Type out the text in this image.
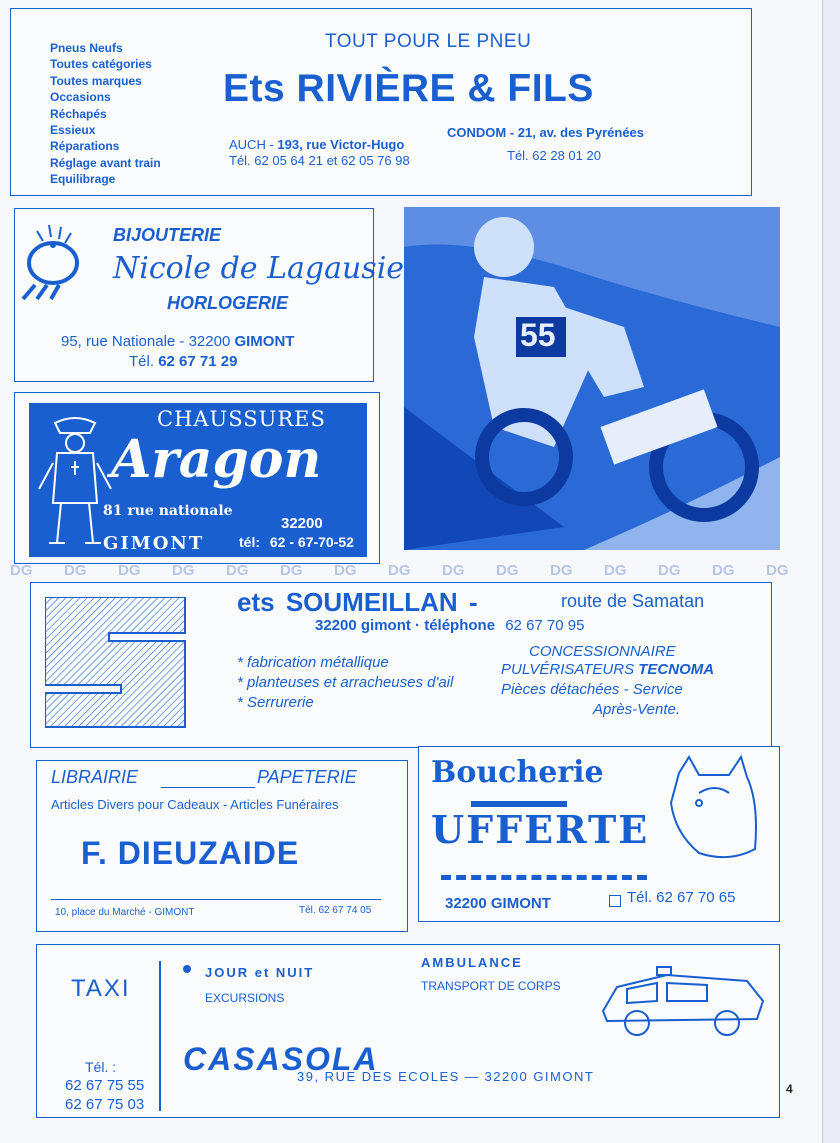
Pneus Neufs
Toutes catégories
Toutes marques
Occasions
Réchapés
Essieux
Réparations
Réglage avant train
Equilibrage
TOUT POUR LE PNEU
Ets RIVIÈRE & FILS
AUCH - 193, rue Victor-Hugo
Tél. 62 05 64 21 et 62 05 76 98
CONDOM - 21, av. des Pyrénées
Tél. 62 28 01 20
BIJOUTERIE
Nicole de Lagausie
HORLOGERIE
95, rue Nationale - 32200 GIMONT
Tél. 62 67 71 29
CHAUSSURES
Aragon
81 rue nationale
32200
GIMONT tél: 62 - 67-70-52
55
DG DG DG DG DG DG DG DG DG DG DG DG DG DG DG
ets SOUMEILLAN -	route de Samatan
32200 gimont · téléphone 62 67 70 95
* fabrication métallique
* planteuses et arracheuses d'ail
* Serrurerie
CONCESSIONNAIRE
PULVÉRISATEURS TECNOMA
Pièces détachées - Service
Après-Vente.
LIBRAIRIE	PAPETERIE
Articles Divers pour Cadeaux - Articles Funéraires
F. DIEUZAIDE
10, place du Marché - GIMONT	Tél. 62 67 74 05
Boucherie
UFFERTE
32200 GIMONT	Tél. 62 67 70 65
TAXI
Tél. :
62 67 75 55
62 67 75 03
JOUR et NUIT
EXCURSIONS
AMBULANCE
TRANSPORT DE CORPS
CASASOLA
39, RUE DES ECOLES — 32200 GIMONT
4
